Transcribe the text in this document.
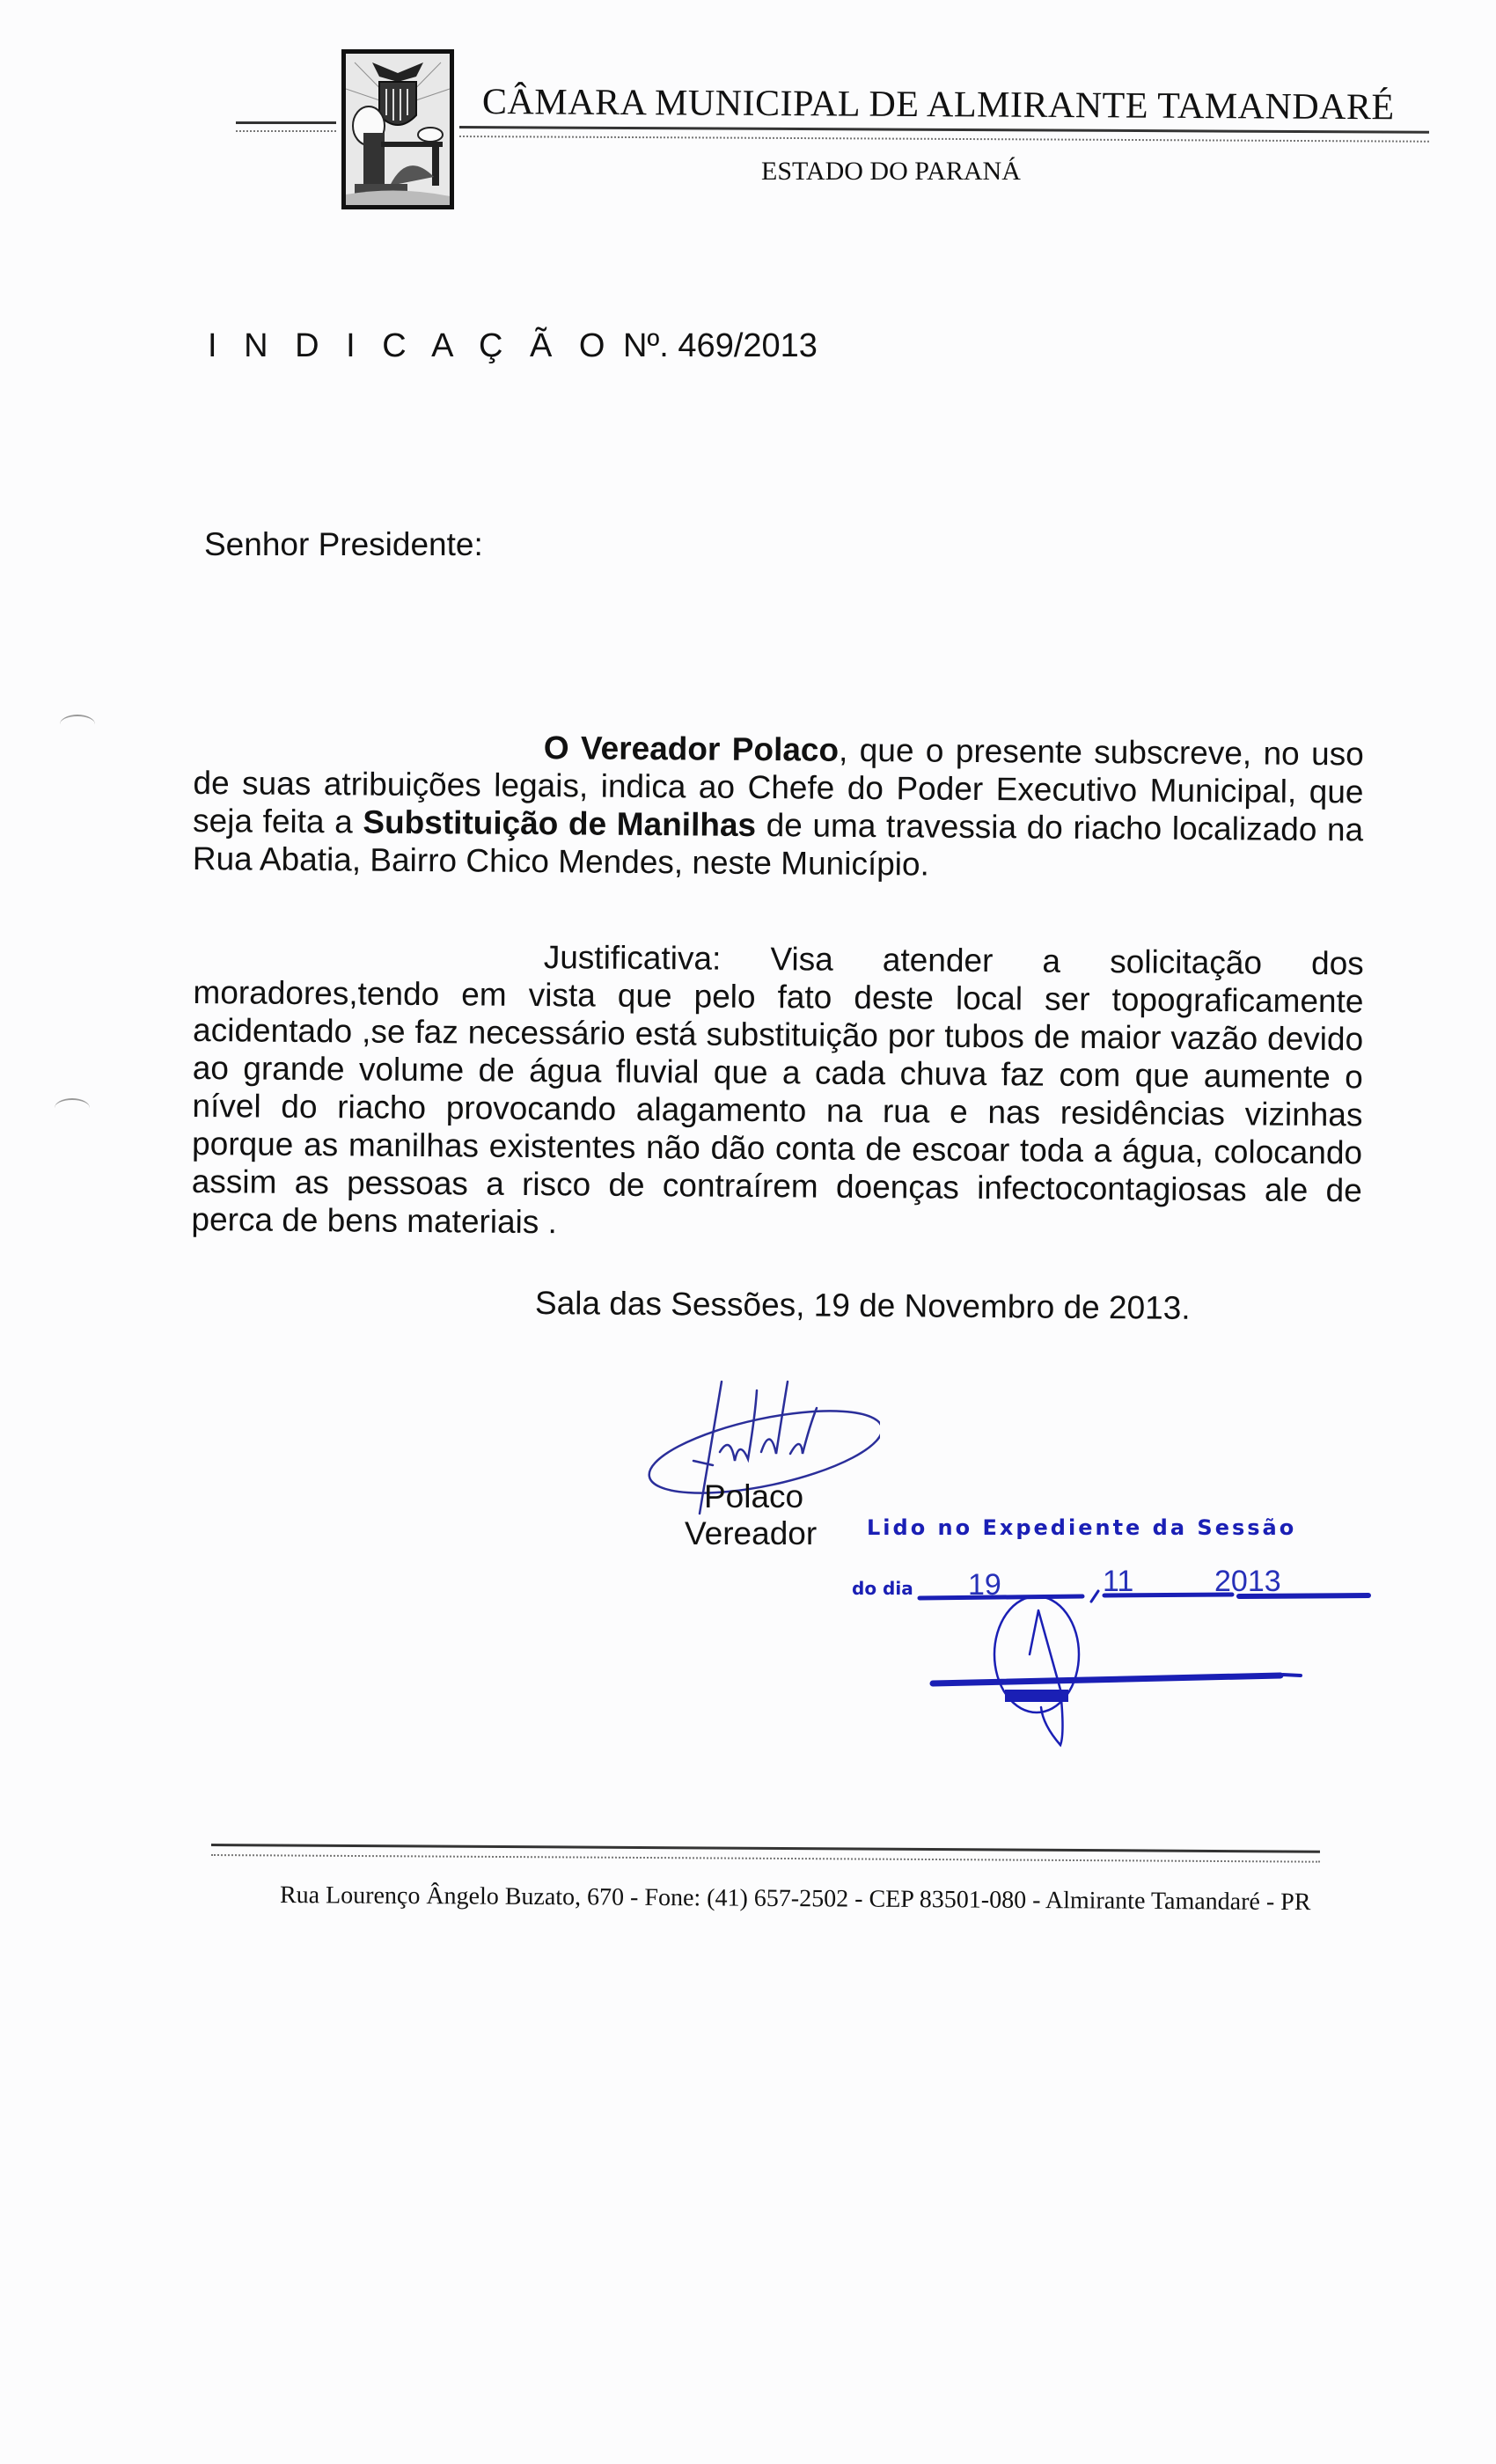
CÂMARA MUNICIPAL DE ALMIRANTE TAMANDARÉ
ESTADO DO PARANÁ
I N D I C A Ç Ã O Nº. 469/2013
Senhor Presidente:
O Vereador Polaco, que o presente subscreve, no uso de suas atribuições legais, indica ao Chefe do Poder Executivo Municipal, que seja feita a Substituição de Manilhas de uma travessia do riacho localizado na Rua Abatia, Bairro Chico Mendes, neste Município.
Justificativa: Visa atender a solicitação dos moradores,tendo em vista que pelo fato deste local ser topograficamente acidentado ,se faz necessário está substituição por tubos de maior vazão devido ao grande volume de água fluvial que a cada chuva faz com que aumente o nível do riacho provocando alagamento na rua e nas residências vizinhas porque as manilhas existentes não dão conta de escoar toda a água, colocando assim as pessoas a risco de contraírem doenças infectocontagiosas ale de perca de bens materiais .
Sala das Sessões, 19 de Novembro de 2013.
Polaco
Vereador Lido no Expediente da Sessão
do dia 19	11	2013
Rua Lourenço Ângelo Buzato, 670 - Fone: (41) 657-2502 - CEP 83501-080 - Almirante Tamandaré - PR
